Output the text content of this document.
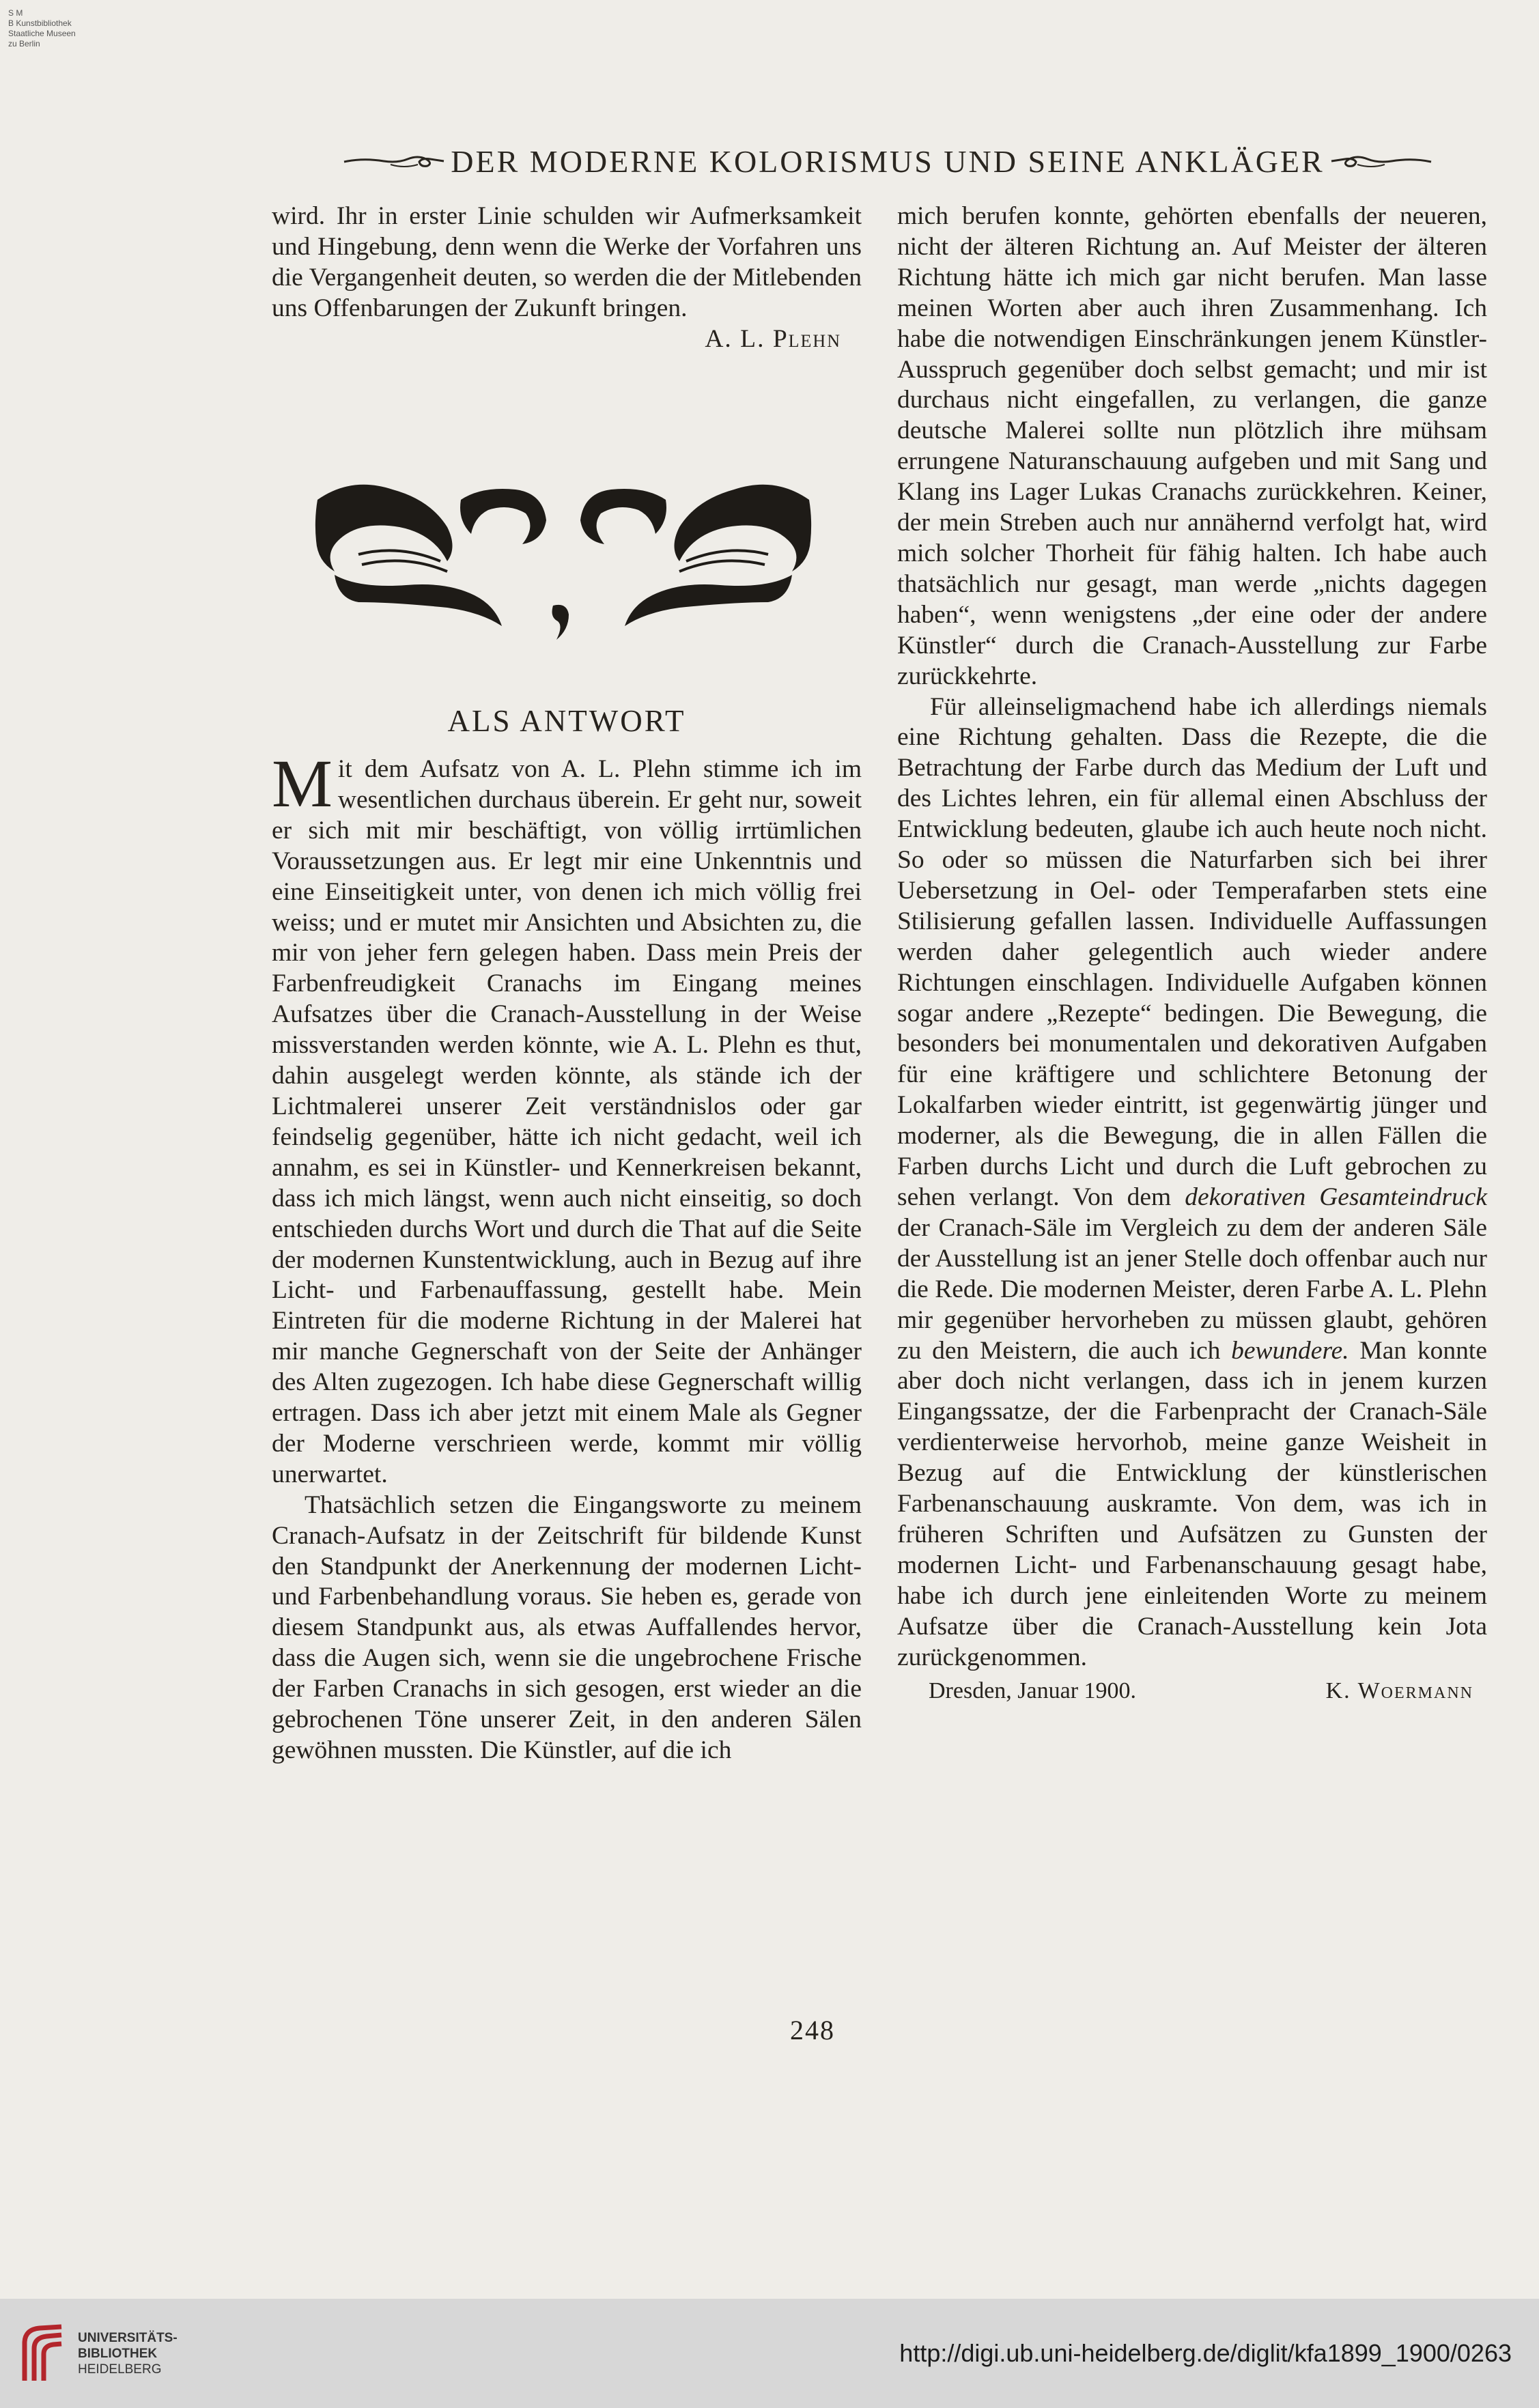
S M
B Kunstbibliothek
Staatliche Museen
zu Berlin
DER MODERNE KOLORISMUS UND SEINE ANKLÄGER

wird. Ihr in erster Linie schulden wir Aufmerksamkeit und Hingebung, denn wenn die Werke der Vorfahren uns die Vergangenheit deuten, so werden die der Mitlebenden uns Offenbarungen der Zukunft bringen.

A. L. Plehn

ALS ANTWORT

Mit dem Aufsatz von A. L. Plehn stimme ich im wesentlichen durchaus überein. Er geht nur, soweit er sich mit mir beschäftigt, von völlig irrtümlichen Voraussetzungen aus. Er legt mir eine Unkenntnis und eine Einseitigkeit unter, von denen ich mich völlig frei weiss; und er mutet mir Ansichten und Absichten zu, die mir von jeher fern gelegen haben. Dass mein Preis der Farbenfreudigkeit Cranachs im Eingang meines Aufsatzes über die Cranach-Ausstellung in der Weise missverstanden werden könnte, wie A. L. Plehn es thut, dahin ausgelegt werden könnte, als stände ich der Lichtmalerei unserer Zeit verständnislos oder gar feindselig gegenüber, hätte ich nicht gedacht, weil ich annahm, es sei in Künstler- und Kennerkreisen bekannt, dass ich mich längst, wenn auch nicht einseitig, so doch entschieden durchs Wort und durch die That auf die Seite der modernen Kunstentwicklung, auch in Bezug auf ihre Licht- und Farbenauffassung, gestellt habe. Mein Eintreten für die moderne Richtung in der Malerei hat mir manche Gegnerschaft von der Seite der Anhänger des Alten zugezogen. Ich habe diese Gegnerschaft willig ertragen. Dass ich aber jetzt mit einem Male als Gegner der Moderne verschrieen werde, kommt mir völlig unerwartet.

Thatsächlich setzen die Eingangsworte zu meinem Cranach-Aufsatz in der Zeitschrift für bildende Kunst den Standpunkt der Anerkennung der modernen Licht- und Farbenbehandlung voraus. Sie heben es, gerade von diesem Standpunkt aus, als etwas Auffallendes hervor, dass die Augen sich, wenn sie die ungebrochene Frische der Farben Cranachs in sich gesogen, erst wieder an die gebrochenen Töne unserer Zeit, in den anderen Sälen gewöhnen mussten. Die Künstler, auf die ich

mich berufen konnte, gehörten ebenfalls der neueren, nicht der älteren Richtung an. Auf Meister der älteren Richtung hätte ich mich gar nicht berufen. Man lasse meinen Worten aber auch ihren Zusammenhang. Ich habe die notwendigen Einschränkungen jenem Künstler-Ausspruch gegenüber doch selbst gemacht; und mir ist durchaus nicht eingefallen, zu verlangen, die ganze deutsche Malerei sollte nun plötzlich ihre mühsam errungene Naturanschauung aufgeben und mit Sang und Klang ins Lager Lukas Cranachs zurückkehren. Keiner, der mein Streben auch nur annähernd verfolgt hat, wird mich solcher Thorheit für fähig halten. Ich habe auch thatsächlich nur gesagt, man werde „nichts dagegen haben“, wenn wenigstens „der eine oder der andere Künstler“ durch die Cranach-Ausstellung zur Farbe zurückkehrte.

Für alleinseligmachend habe ich allerdings niemals eine Richtung gehalten. Dass die Rezepte, die die Betrachtung der Farbe durch das Medium der Luft und des Lichtes lehren, ein für allemal einen Abschluss der Entwicklung bedeuten, glaube ich auch heute noch nicht. So oder so müssen die Naturfarben sich bei ihrer Uebersetzung in Oel- oder Temperafarben stets eine Stilisierung gefallen lassen. Individuelle Auffassungen werden daher gelegentlich auch wieder andere Richtungen einschlagen. Individuelle Aufgaben können sogar andere „Rezepte“ bedingen. Die Bewegung, die besonders bei monumentalen und dekorativen Aufgaben für eine kräftigere und schlichtere Betonung der Lokalfarben wieder eintritt, ist gegenwärtig jünger und moderner, als die Bewegung, die in allen Fällen die Farben durchs Licht und durch die Luft gebrochen zu sehen verlangt. Von dem dekorativen Gesamteindruck der Cranach-Säle im Vergleich zu dem der anderen Säle der Ausstellung ist an jener Stelle doch offenbar auch nur die Rede. Die modernen Meister, deren Farbe A. L. Plehn mir gegenüber hervorheben zu müssen glaubt, gehören zu den Meistern, die auch ich bewundere. Man konnte aber doch nicht verlangen, dass ich in jenem kurzen Eingangssatze, der die Farbenpracht der Cranach-Säle verdienterweise hervorhob, meine ganze Weisheit in Bezug auf die Entwicklung der künstlerischen Farbenanschauung auskramte. Von dem, was ich in früheren Schriften und Aufsätzen zu Gunsten der modernen Licht- und Farbenanschauung gesagt habe, habe ich durch jene einleitenden Worte zu meinem Aufsatze über die Cranach-Ausstellung kein Jota zurückgenommen.

Dresden, Januar 1900.	K. Woermann
248
UNIVERSITÄTS-
BIBLIOTHEK
HEIDELBERG
http://digi.ub.uni-heidelberg.de/diglit/kfa1899_1900/0263
